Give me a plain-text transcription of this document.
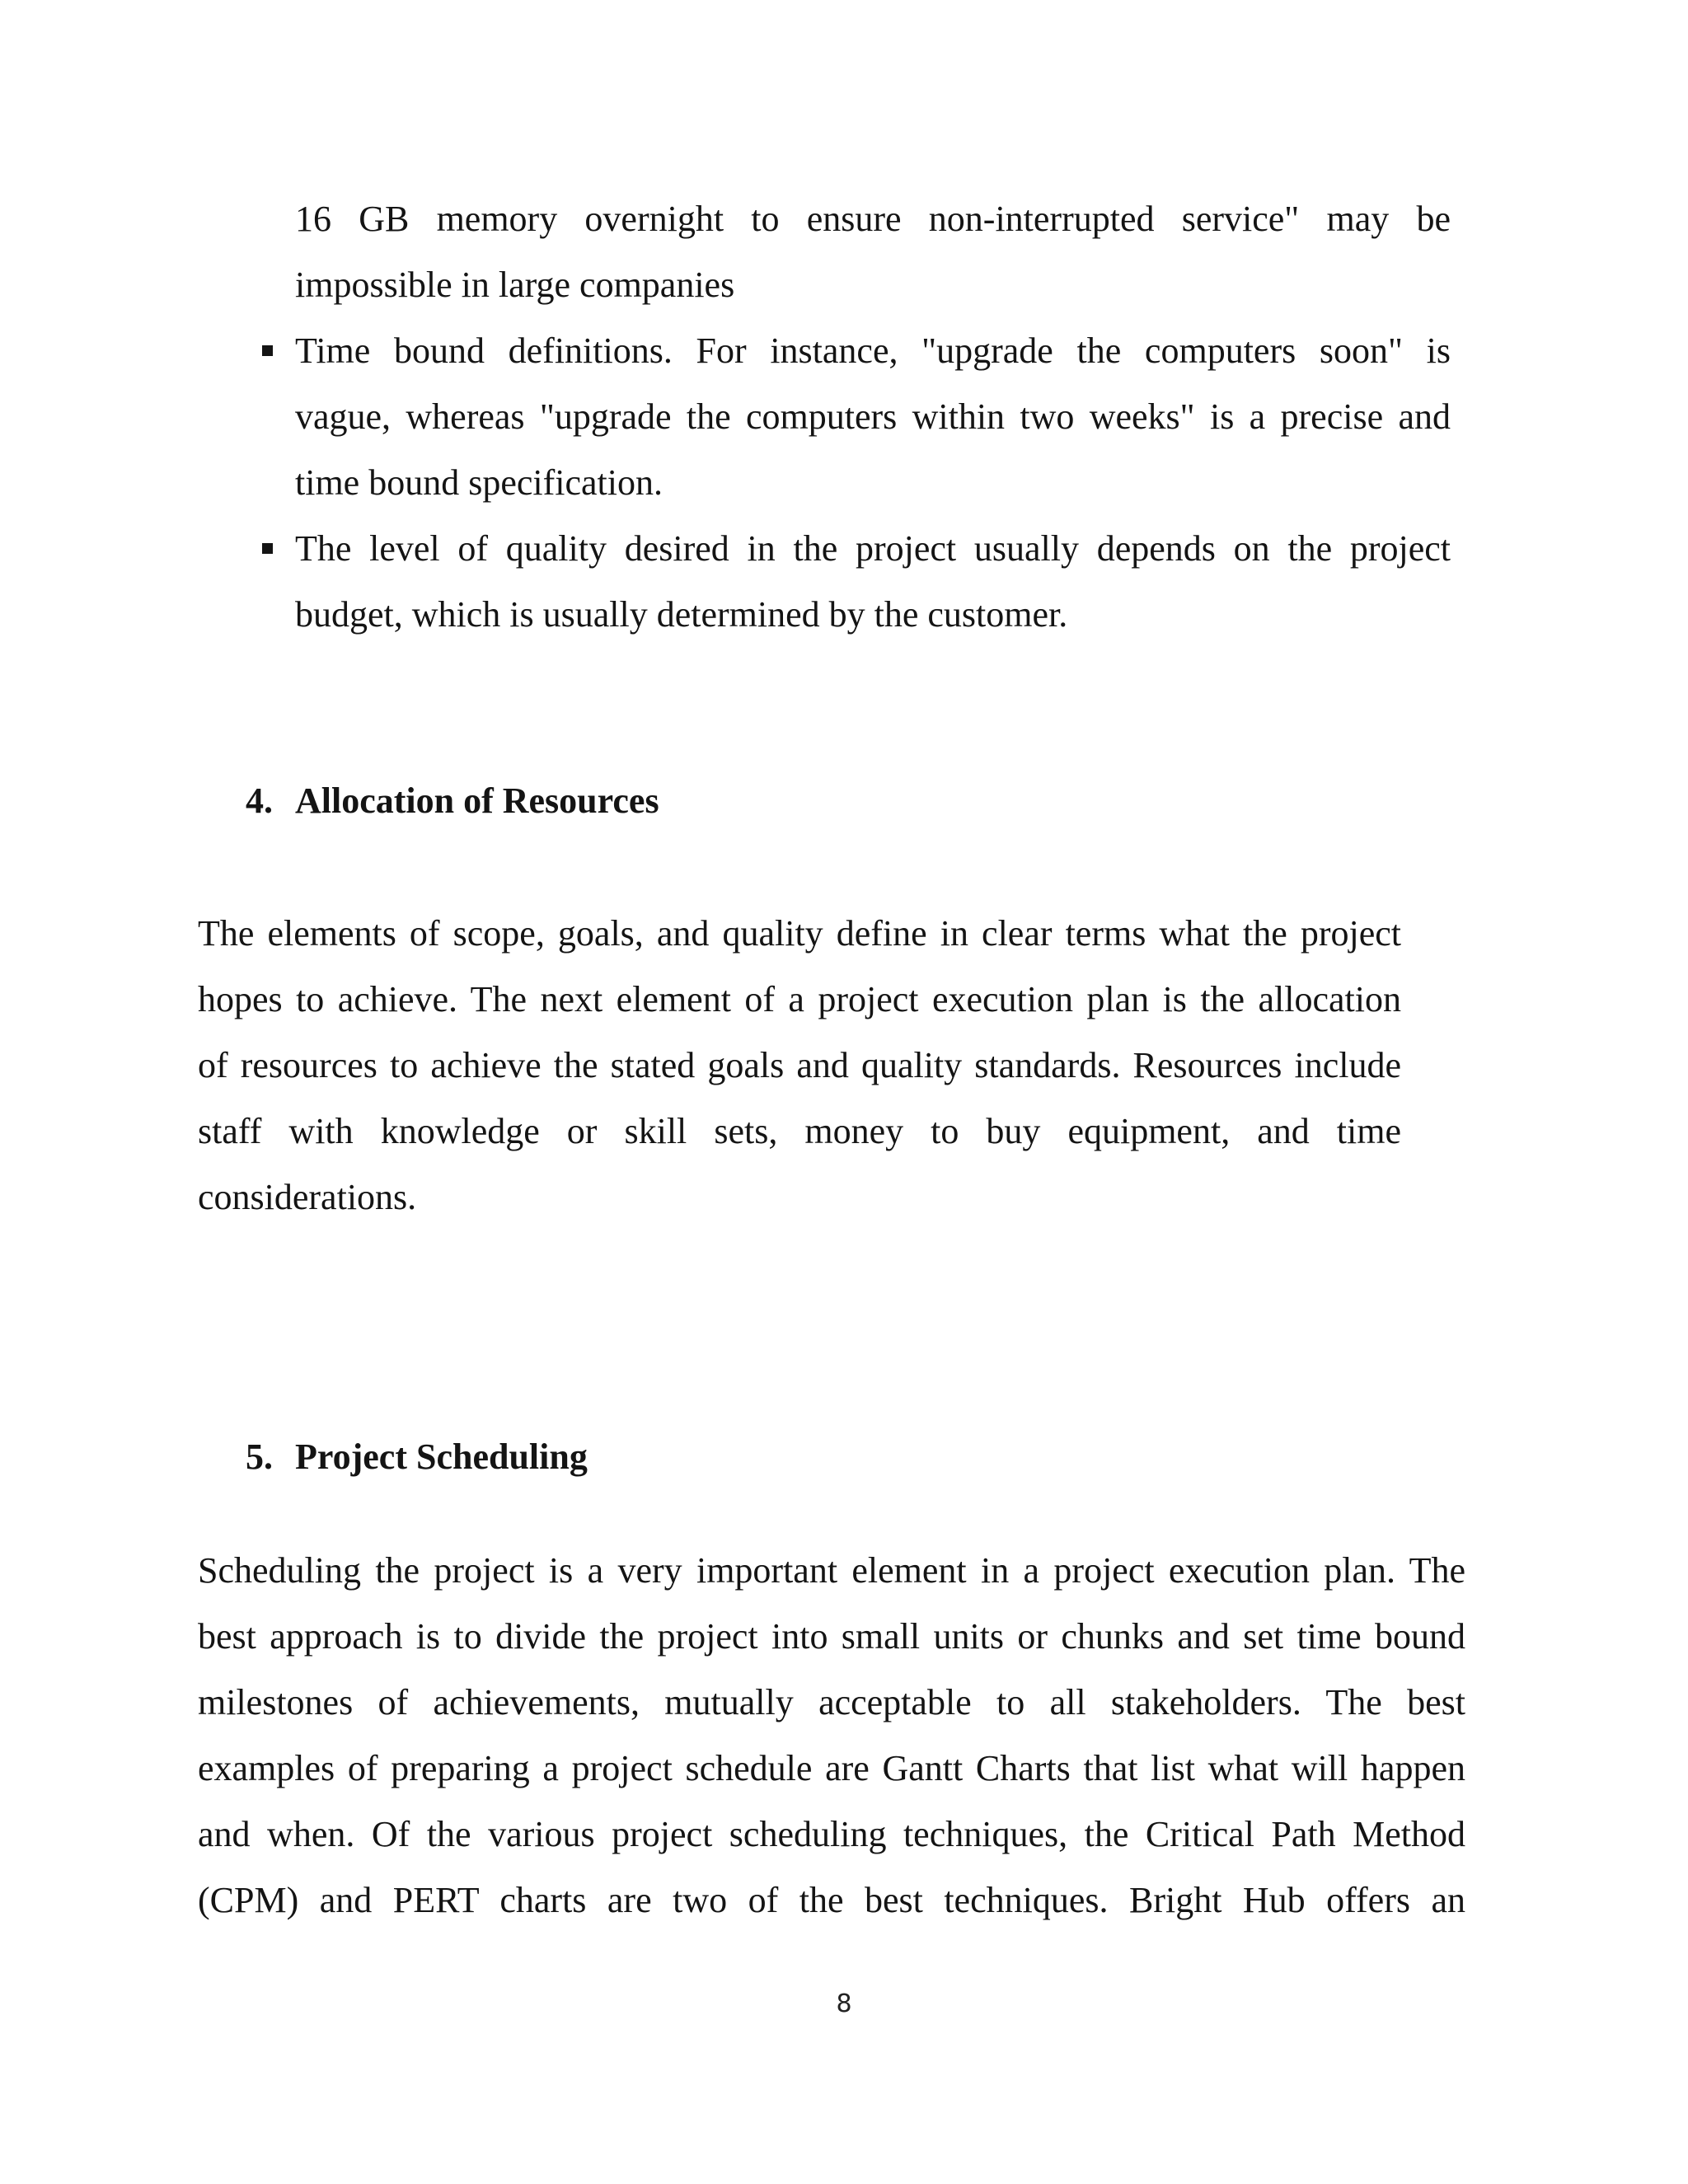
16 GB memory overnight to ensure non-interrupted service" may be
impossible in large companies
Time bound definitions. For instance, "upgrade the computers soon" is
vague, whereas "upgrade the computers within two weeks" is a precise and
time bound specification.
The level of quality desired in the project usually depends on the project
budget, which is usually determined by the customer.
4. Allocation of Resources
The elements of scope, goals, and quality define in clear terms what the project
hopes to achieve. The next element of a project execution plan is the allocation
of resources to achieve the stated goals and quality standards. Resources include
staff with knowledge or skill sets, money to buy equipment, and time
considerations.
5. Project Scheduling
Scheduling the project is a very important element in a project execution plan. The
best approach is to divide the project into small units or chunks and set time bound
milestones of achievements, mutually acceptable to all stakeholders. The best
examples of preparing a project schedule are Gantt Charts that list what will happen
and when. Of the various project scheduling techniques, the Critical Path Method
(CPM) and PERT charts are two of the best techniques. Bright Hub offers an
8
